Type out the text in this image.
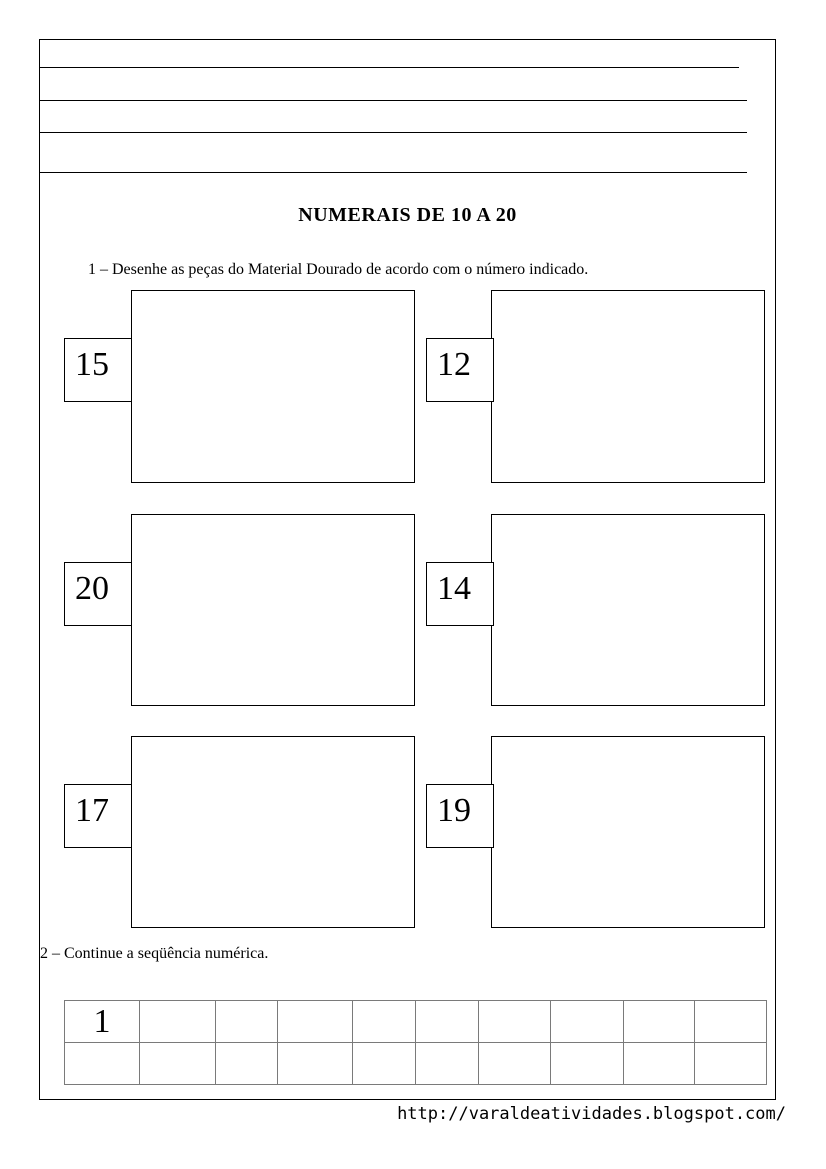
NUMERAIS DE 10 A 20
1 – Desenhe as peças do Material Dourado de acordo com o número indicado.
15	12
20	14
17	19
2 – Continue a seqüência numérica.
1									

http://varaldeatividades.blogspot.com/
